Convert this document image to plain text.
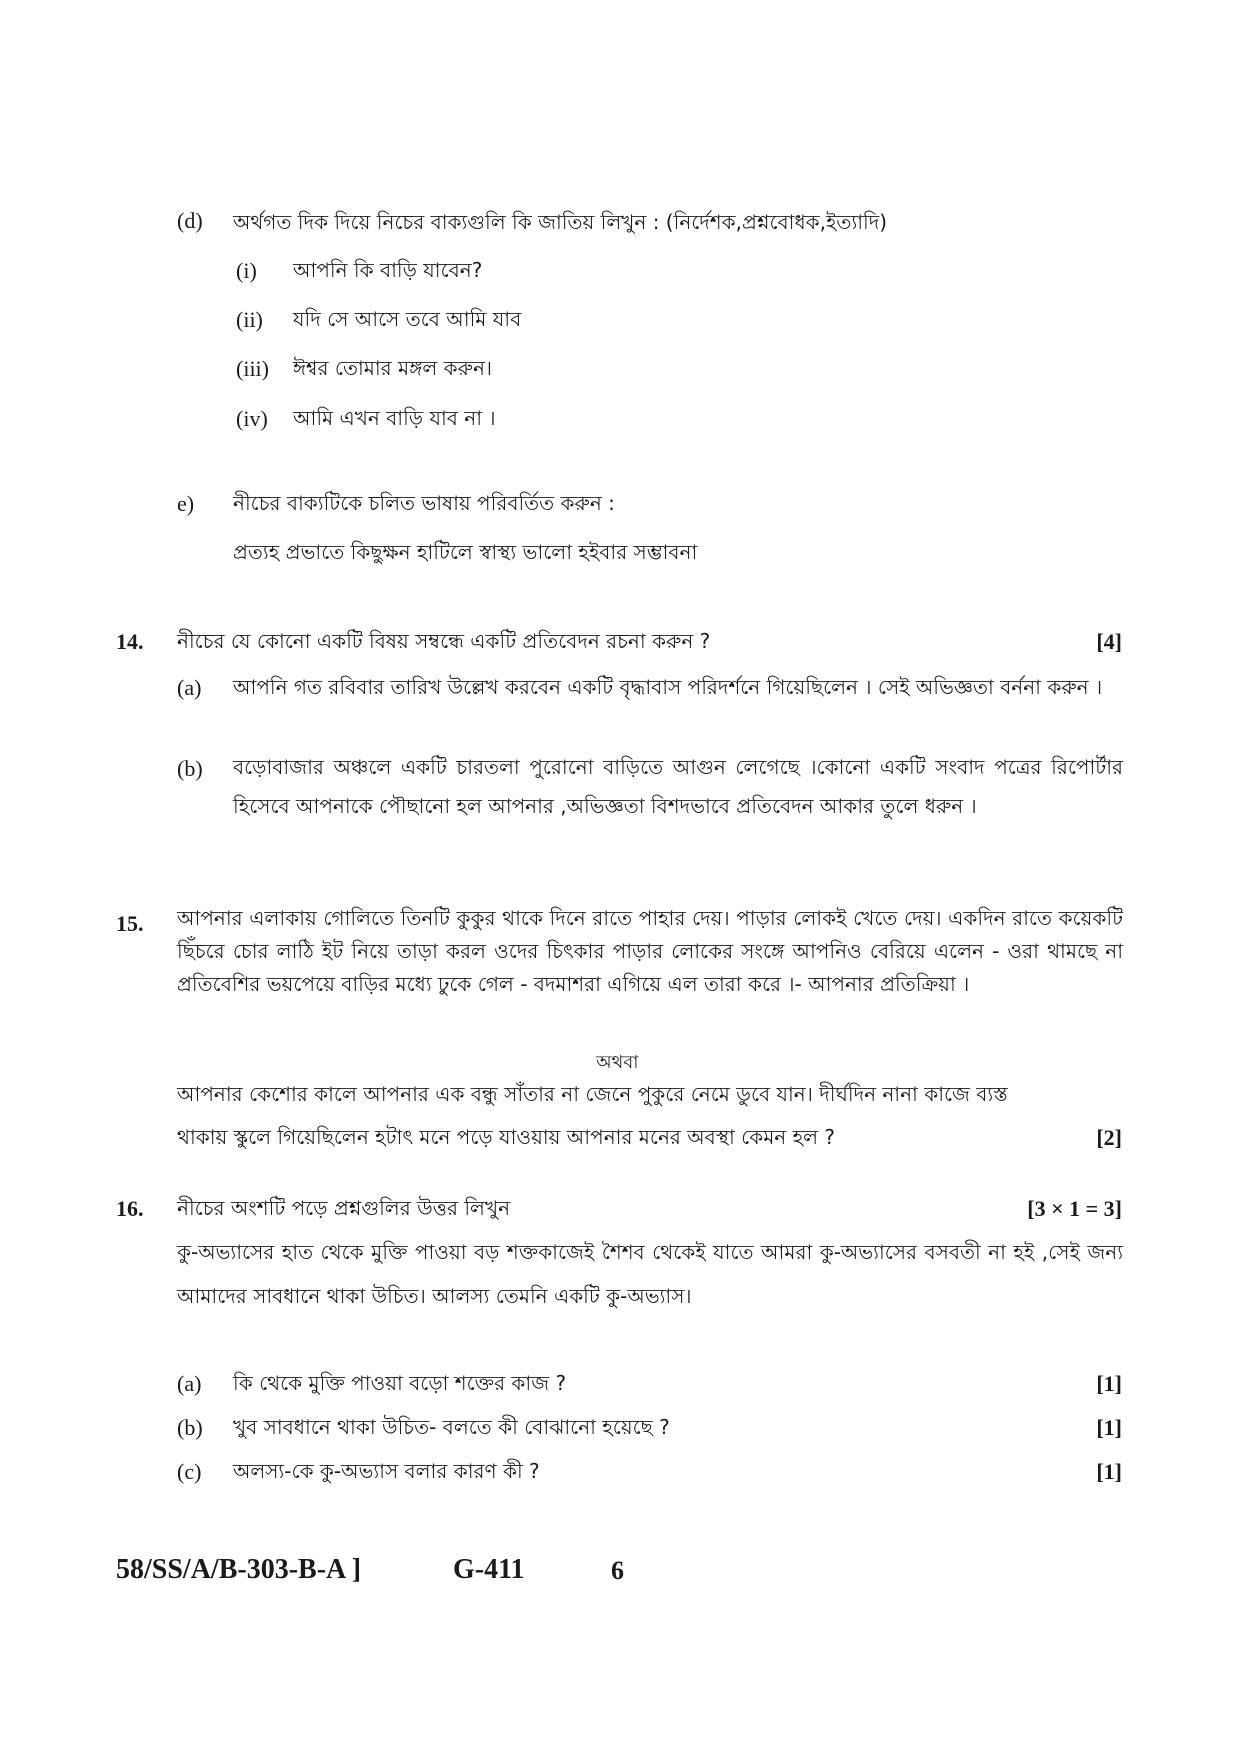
(d) অর্থগত দিক দিয়ে নিচের বাক্যগুলি কি জাতিয় লিখুন : (নির্দেশক,প্রশ্নবোধক,ইত্যাদি)
(i) আপনি কি বাড়ি যাবেন?
(ii) যদি সে আসে তবে আমি যাব
(iii) ঈশ্বর তোমার মঙ্গল করুন।
(iv) আমি এখন বাড়ি যাব না ।
e) নীচের বাক্যটিকে চলিত ভাষায় পরিবর্তিত করুন :
প্রত্যহ প্রভাতে কিছুক্ষন হাটিলে স্বাস্থ্য ভালো হইবার সম্ভাবনা
14. নীচের যে কোনো একটি বিষয় সম্বন্ধে একটি প্রতিবেদন রচনা করুন ?	[4]
(a) আপনি গত রবিবার তারিখ উল্লেখ করবেন একটি বৃদ্ধাবাস পরিদর্শনে গিয়েছিলেন । সেই অভিজ্ঞতা বর্ননা করুন ।
(b) বড়োবাজার অঞ্চলে একটি চারতলা পুরোনো বাড়িতে আগুন লেগেছে ।কোনো একটি সংবাদ পত্রের রিপোর্টার হিসেবে আপনাকে পৌছানো হল আপনার ,অভিজ্ঞতা বিশদভাবে প্রতিবেদন আকার তুলে ধরুন ।
15. আপনার এলাকায় গোলিতে তিনটি কুকুর থাকে দিনে রাতে পাহার দেয়। পাড়ার লোকই খেতে দেয়। একদিন রাতে কয়েকটি ছিঁচরে চোর লাঠি ইট নিয়ে তাড়া করল ওদের চিৎকার পাড়ার লোকের সংঙ্গে আপনিও বেরিয়ে এলেন - ওরা থামছে না প্রতিবেশির ভয়পেয়ে বাড়ির মধ্যে ঢুকে গেল - বদমাশরা এগিয়ে এল তারা করে ।- আপনার প্রতিক্রিয়া ।
অথবা
আপনার কেশোর কালে আপনার এক বন্ধু সাঁতার না জেনে পুকুরে নেমে ডুবে যান। দীর্ঘদিন নানা কাজে ব্যস্ত
থাকায় স্কুলে গিয়েছিলেন হটাৎ মনে পড়ে যাওয়ায় আপনার মনের অবস্থা কেমন হল ?	[2]
16. নীচের অংশটি পড়ে প্রশ্নগুলির উত্তর লিখুন	[3 × 1 = 3]
কু-অভ্যাসের হাত থেকে মুক্তি পাওয়া বড় শক্তকাজেই শৈশব থেকেই যাতে আমরা কু-অভ্যাসের বসবতী না হই ,সেই জন্য আমাদের সাবধানে থাকা উচিত। আলস্য তেমনি একটি কু-অভ্যাস।
(a) কি থেকে মুক্তি পাওয়া বড়ো শক্তের কাজ ?	[1]
(b) খুব সাবধানে থাকা উচিত- বলতে কী বোঝানো হয়েছে ?	[1]
(c) অলস্য-কে কু-অভ্যাস বলার কারণ কী ?	[1]
58/SS/A/B-303-B-A ]	G-411	6
